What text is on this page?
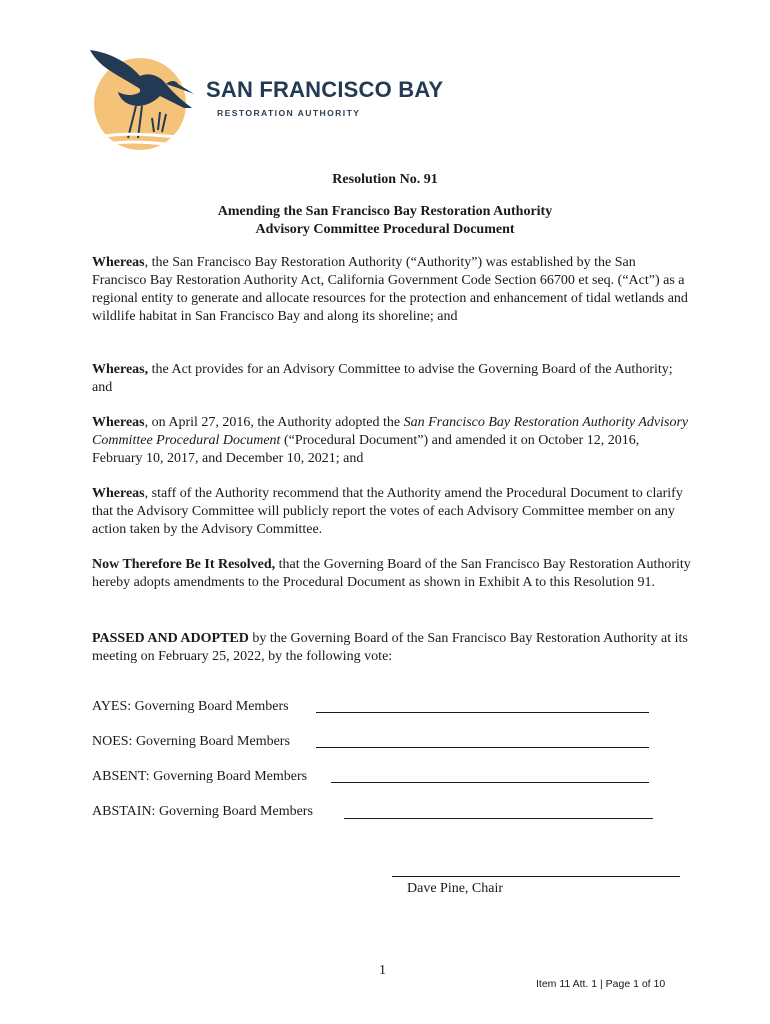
SAN FRANCISCO BAY
RESTORATION AUTHORITY
Resolution No. 91
Amending the San Francisco Bay Restoration Authority
Advisory Committee Procedural Document

Whereas, the San Francisco Bay Restoration Authority (“Authority”) was established by the San Francisco Bay Restoration Authority Act, California Government Code Section 66700 et seq. (“Act”) as a regional entity to generate and allocate resources for the protection and enhancement of tidal wetlands and wildlife habitat in San Francisco Bay and along its shoreline; and

Whereas, the Act provides for an Advisory Committee to advise the Governing Board of the Authority; and

Whereas, on April 27, 2016, the Authority adopted the San Francisco Bay Restoration Authority Advisory Committee Procedural Document (“Procedural Document”) and amended it on October 12, 2016, February 10, 2017, and December 10, 2021; and

Whereas, staff of the Authority recommend that the Authority amend the Procedural Document to clarify that the Advisory Committee will publicly report the votes of each Advisory Committee member on any action taken by the Advisory Committee.

Now Therefore Be It Resolved, that the Governing Board of the San Francisco Bay Restoration Authority hereby adopts amendments to the Procedural Document as shown in Exhibit A to this Resolution 91.

PASSED AND ADOPTED by the Governing Board of the San Francisco Bay Restoration Authority at its meeting on February 25, 2022, by the following vote:

AYES: Governing Board Members
NOES: Governing Board Members
ABSENT: Governing Board Members
ABSTAIN: Governing Board Members
Dave Pine, Chair
1
Item 11 Att. 1 | Page 1 of 10
